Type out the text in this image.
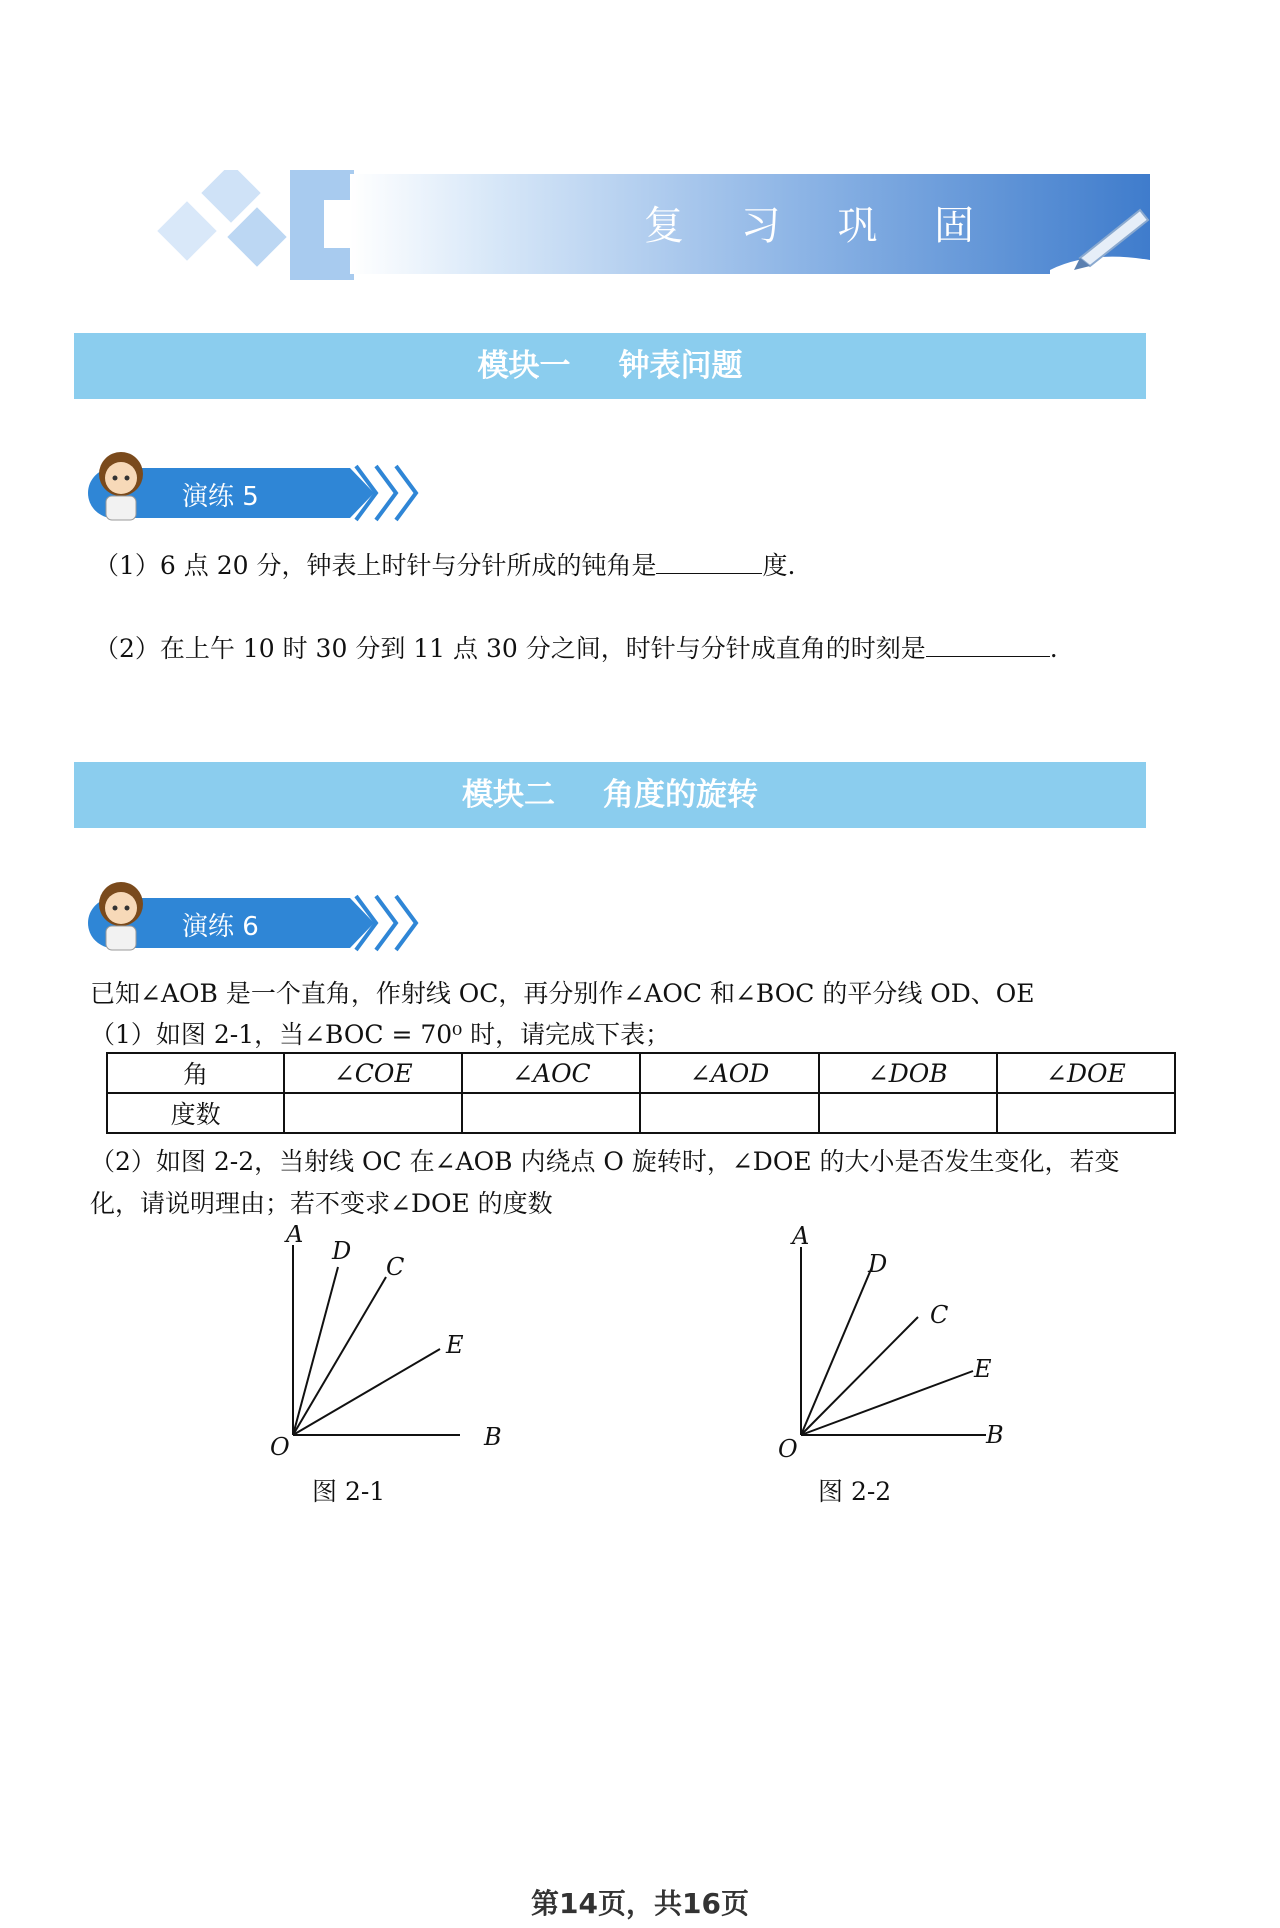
复 习 巩 固
模块一 钟表问题
演练 5
（1）6 点 20 分，钟表上时针与分针所成的钝角是	度.
（2）在上午 10 时 30 分到 11 点 30 分之间，时针与分针成直角的时刻是	.
模块二 角度的旋转
演练 6
已知∠AOB 是一个直角，作射线 OC，再分别作∠AOC 和∠BOC 的平分线 OD、OE
（1）如图 2-1，当∠BOC = 70⁰ 时，请完成下表；
角	∠COE	∠AOC	∠AOD	∠DOB	∠DOE
度数					
（2）如图 2-2，当射线 OC 在∠AOB 内绕点 O 旋转时，∠DOE 的大小是否发生变化，若变
化，请说明理由；若不变求∠DOE 的度数
A
D
C
E
O	B
图 2-1
A
D
C
E
O	B
图 2-2
第14页，共16页
